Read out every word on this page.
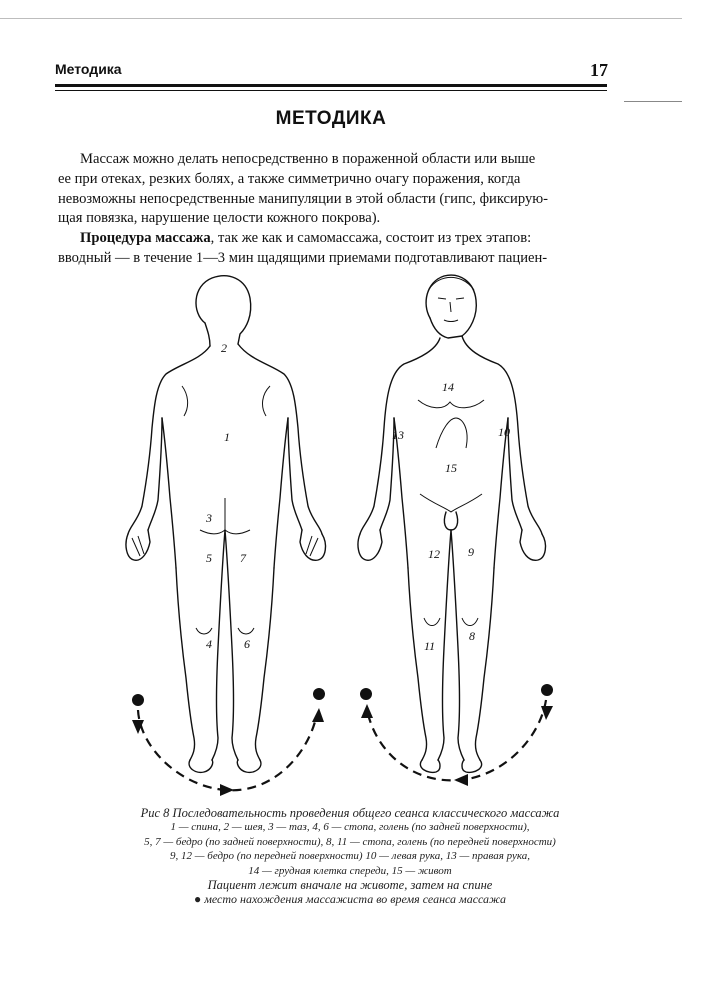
Методика	17
МЕТОДИКА
Массаж можно делать непосредственно в пораженной области или выше
ее при отеках, резких болях, а также симметрично очагу поражения, когда
невозможны непосредственные манипуляции в этой области (гипс, фиксирую-
щая повязка, нарушение целости кожного покрова).
Процедура массажа, так же как и самомассажа, состоит из трех этапов:
вводный — в течение 1—3 мин щадящими приемами подготавливают пациен-
2
1
3
5 7
4	6
14
13	10
15
12 9
11
8
Рис 8 Последовательность проведения общего сеанса классического массажа
1 — спина, 2 — шея, 3 — таз, 4, 6 — стопа, голень (по задней поверхности),
5, 7 — бедро (по задней поверхности), 8, 11 — стопа, голень (по передней поверхности)
9, 12 — бедро (по передней поверхности) 10 — левая рука, 13 — правая рука,
14 — грудная клетка спереди, 15 — живот
Пациент лежит вначале на животе, затем на спине
● место нахождения массажиста во время сеанса массажа
